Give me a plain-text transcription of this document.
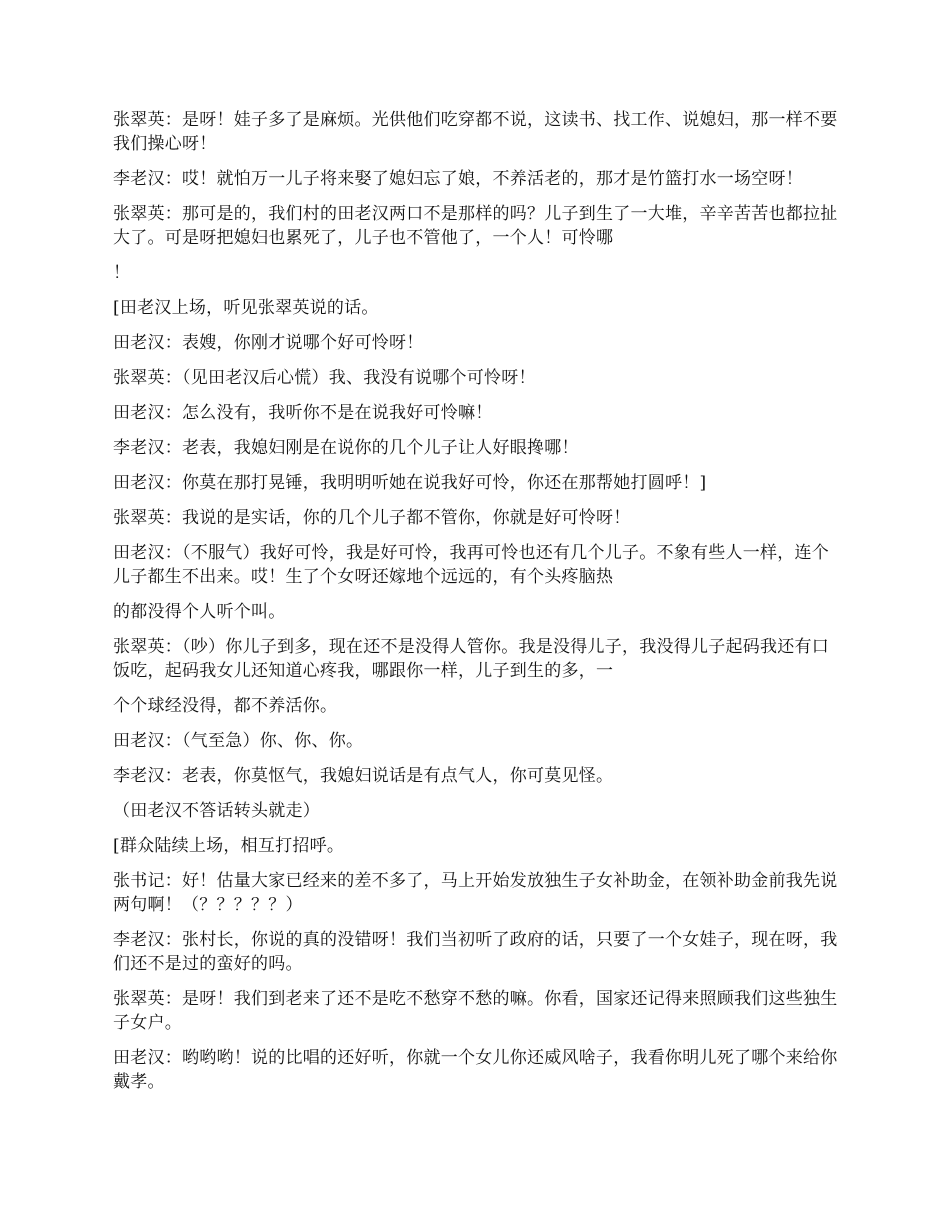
张翠英：是呀！娃子多了是麻烦。光供他们吃穿都不说，这读书、找工作、说媳妇，那一样不要我们操心呀！

李老汉：哎！就怕万一儿子将来娶了媳妇忘了娘，不养活老的，那才是竹篮打水一场空呀！

张翠英：那可是的，我们村的田老汉两口不是那样的吗？儿子到生了一大堆，辛辛苦苦也都拉扯大了。可是呀把媳妇也累死了，儿子也不管他了，一个人！可怜哪

！

[田老汉上场，听见张翠英说的话。

田老汉：表嫂，你刚才说哪个好可怜呀！

张翠英：（见田老汉后心慌）我、我没有说哪个可怜呀！

田老汉：怎么没有，我听你不是在说我好可怜嘛！

李老汉：老表，我媳妇刚是在说你的几个儿子让人好眼搀哪！

田老汉：你莫在那打晃锤，我明明听她在说我好可怜，你还在那帮她打圆呼！]

张翠英：我说的是实话，你的几个儿子都不管你，你就是好可怜呀！

田老汉：（不服气）我好可怜，我是好可怜，我再可怜也还有几个儿子。不象有些人一样，连个儿子都生不出来。哎！生了个女呀还嫁地个远远的，有个头疼脑热

的都没得个人听个叫。

张翠英：（吵）你儿子到多，现在还不是没得人管你。我是没得儿子，我没得儿子起码我还有口饭吃，起码我女儿还知道心疼我，哪跟你一样，儿子到生的多，一

个个球经没得，都不养活你。

田老汉：（气至急）你、你、你。

李老汉：老表，你莫怄气，我媳妇说话是有点气人，你可莫见怪。

（田老汉不答话转头就走）

[群众陆续上场，相互打招呼。

张书记：好！估量大家已经来的差不多了，马上开始发放独生子女补助金，在领补助金前我先说两句啊！（？？？？？）

李老汉：张村长，你说的真的没错呀！我们当初听了政府的话，只要了一个女娃子，现在呀，我们还不是过的蛮好的吗。

张翠英：是呀！我们到老来了还不是吃不愁穿不愁的嘛。你看，国家还记得来照顾我们这些独生子女户。

田老汉：哟哟哟！说的比唱的还好听，你就一个女儿你还威风啥子，我看你明儿死了哪个来给你戴孝。
